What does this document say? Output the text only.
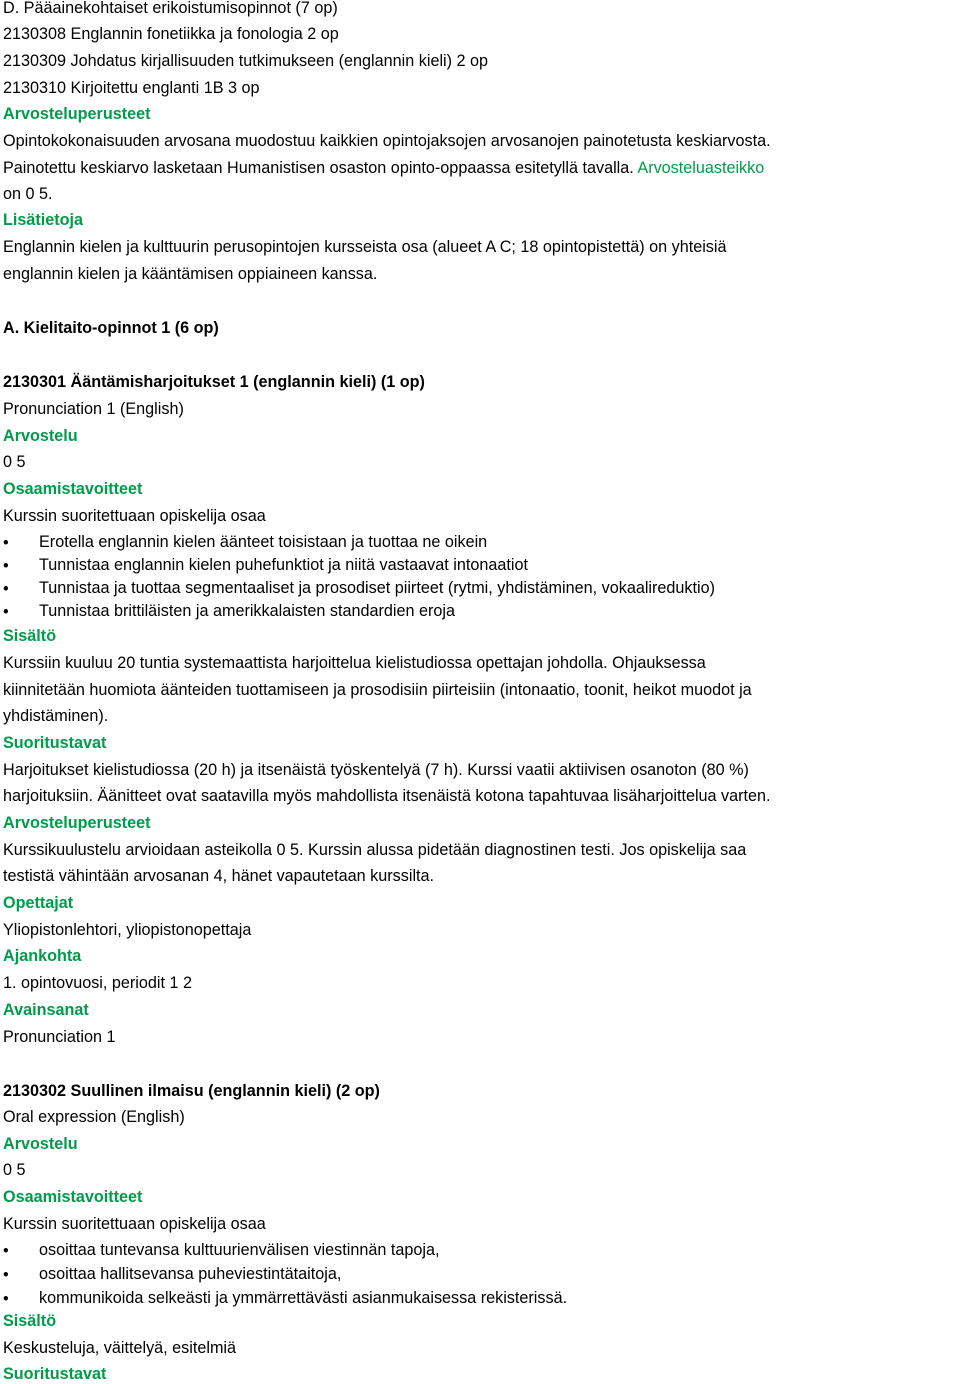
D. Pääainekohtaiset erikoistumisopinnot (7 op)
2130308 Englannin fonetiikka ja fonologia 2 op
2130309 Johdatus kirjallisuuden tutkimukseen (englannin kieli) 2 op
2130310 Kirjoitettu englanti 1B 3 op
Arvosteluperusteet
Opintokokonaisuuden arvosana muodostuu kaikkien opintojaksojen arvosanojen painotetusta keskiarvosta.
Painotettu keskiarvo lasketaan Humanistisen osaston opinto-oppaassa esitetyllä tavalla. Arvosteluasteikko
on 0 5.
Lisätietoja
Englannin kielen ja kulttuurin perusopintojen kursseista osa (alueet A C; 18 opintopistettä) on yhteisiä
englannin kielen ja kääntämisen oppiaineen kanssa.
A. Kielitaito-opinnot 1 (6 op)
2130301 Ääntämisharjoitukset 1 (englannin kieli) (1 op)
Pronunciation 1 (English)
Arvostelu
0 5
Osaamistavoitteet
Kurssin suoritettuaan opiskelija osaa
• Erotella englannin kielen äänteet toisistaan ja tuottaa ne oikein
• Tunnistaa englannin kielen puhefunktiot ja niitä vastaavat intonaatiot
• Tunnistaa ja tuottaa segmentaaliset ja prosodiset piirteet (rytmi, yhdistäminen, vokaalireduktio)
• Tunnistaa brittiläisten ja amerikkalaisten standardien eroja
Sisältö
Kurssiin kuuluu 20 tuntia systemaattista harjoittelua kielistudiossa opettajan johdolla. Ohjauksessa
kiinnitetään huomiota äänteiden tuottamiseen ja prosodisiin piirteisiin (intonaatio, toonit, heikot muodot ja
yhdistäminen).
Suoritustavat
Harjoitukset kielistudiossa (20 h) ja itsenäistä työskentelyä (7 h). Kurssi vaatii aktiivisen osanoton (80 %)
harjoituksiin. Äänitteet ovat saatavilla myös mahdollista itsenäistä kotona tapahtuvaa lisäharjoittelua varten.
Arvosteluperusteet
Kurssikuulustelu arvioidaan asteikolla 0 5. Kurssin alussa pidetään diagnostinen testi. Jos opiskelija saa
testistä vähintään arvosanan 4, hänet vapautetaan kurssilta.
Opettajat
Yliopistonlehtori, yliopistonopettaja
Ajankohta
1. opintovuosi, periodit 1 2
Avainsanat
Pronunciation 1
2130302 Suullinen ilmaisu (englannin kieli) (2 op)
Oral expression (English)
Arvostelu
0 5
Osaamistavoitteet
Kurssin suoritettuaan opiskelija osaa
• osoittaa tuntevansa kulttuurienvälisen viestinnän tapoja,
• osoittaa hallitsevansa puheviestintätaitoja,
• kommunikoida selkeästi ja ymmärrettävästi asianmukaisessa rekisterissä.
Sisältö
Keskusteluja, väittelyä, esitelmiä
Suoritustavat
